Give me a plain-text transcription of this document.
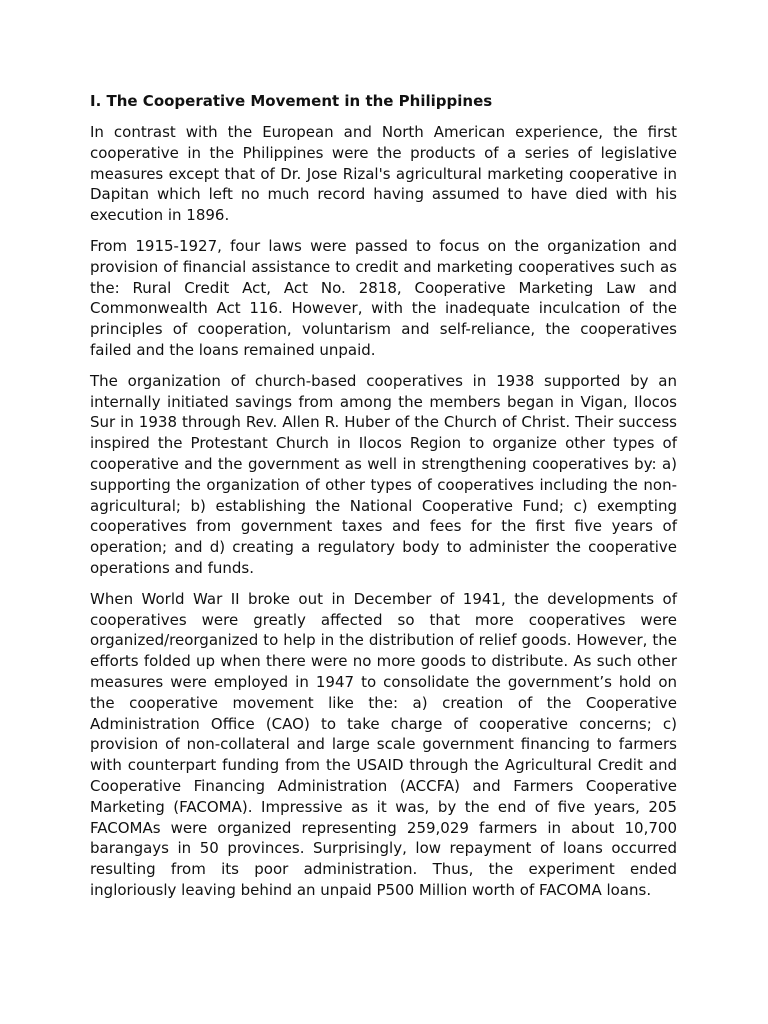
I. The Cooperative Movement in the Philippines

In contrast with the European and North American experience, the first cooperative in the Philippines were the products of a series of legislative measures except that of Dr. Jose Rizal's agricultural marketing cooperative in Dapitan which left no much record having assumed to have died with his execution in 1896.

From 1915-1927, four laws were passed to focus on the organization and provision of financial assistance to credit and marketing cooperatives such as the: Rural Credit Act, Act No. 2818, Cooperative Marketing Law and Commonwealth Act 116. However, with the inadequate inculcation of the principles of cooperation, voluntarism and self-reliance, the cooperatives failed and the loans remained unpaid.

The organization of church-based cooperatives in 1938 supported by an internally initiated savings from among the members began in Vigan, Ilocos Sur in 1938 through Rev. Allen R. Huber of the Church of Christ. Their success inspired the Protestant Church in Ilocos Region to organize other types of cooperative and the government as well in strengthening cooperatives by: a) supporting the organization of other types of cooperatives including the non-agricultural; b) establishing the National Cooperative Fund; c) exempting cooperatives from government taxes and fees for the first five years of operation; and d) creating a regulatory body to administer the cooperative operations and funds.

When World War II broke out in December of 1941, the developments of cooperatives were greatly affected so that more cooperatives were organized/reorganized to help in the distribution of relief goods. However, the efforts folded up when there were no more goods to distribute. As such other measures were employed in 1947 to consolidate the government’s hold on the cooperative movement like the: a) creation of the Cooperative Administration Office (CAO) to take charge of cooperative concerns; c) provision of non-collateral and large scale government financing to farmers with counterpart funding from the USAID through the Agricultural Credit and Cooperative Financing Administration (ACCFA) and Farmers Cooperative Marketing (FACOMA). Impressive as it was, by the end of five years, 205 FACOMAs were organized representing 259,029 farmers in about 10,700 barangays in 50 provinces. Surprisingly, low repayment of loans occurred resulting from its poor administration. Thus, the experiment ended ingloriously leaving behind an unpaid P500 Million worth of FACOMA loans.
